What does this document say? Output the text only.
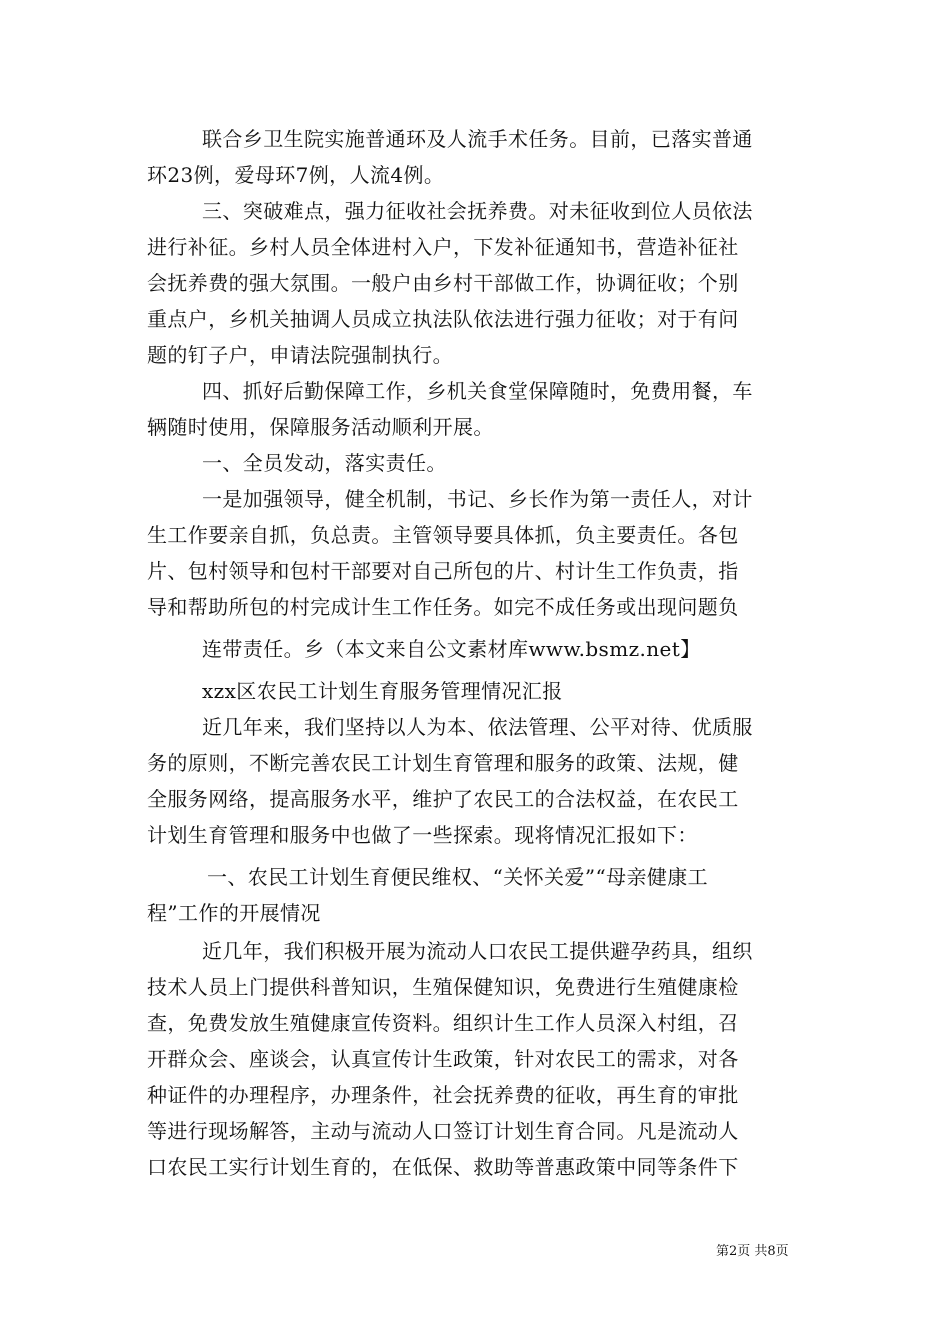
联合乡卫生院实施普通环及人流手术任务。目前，已落实普通
环23例，爱母环7例，人流4例。
三、突破难点，强力征收社会抚养费。对未征收到位人员依法
进行补征。乡村人员全体进村入户，下发补征通知书，营造补征社
会抚养费的强大氛围。一般户由乡村干部做工作，协调征收；个别
重点户，乡机关抽调人员成立执法队依法进行强力征收；对于有问
题的钉子户，申请法院强制执行。
四、抓好后勤保障工作，乡机关食堂保障随时，免费用餐，车
辆随时使用，保障服务活动顺利开展。
一、全员发动，落实责任。
一是加强领导，健全机制，书记、乡长作为第一责任人，对计
生工作要亲自抓，负总责。主管领导要具体抓，负主要责任。各包
片、包村领导和包村干部要对自己所包的片、村计生工作负责，指
导和帮助所包的村完成计生工作任务。如完不成任务或出现问题负
连带责任。乡（本文来自公文素材库www.bsmz.net】
xzx区农民工计划生育服务管理情况汇报
近几年来，我们坚持以人为本、依法管理、公平对待、优质服
务的原则，不断完善农民工计划生育管理和服务的政策、法规，健
全服务网络，提高服务水平，维护了农民工的合法权益，在农民工
计划生育管理和服务中也做了一些探索。现将情况汇报如下：
一、农民工计划生育便民维权、“关怀关爱”“母亲健康工
程”工作的开展情况
近几年，我们积极开展为流动人口农民工提供避孕药具，组织
技术人员上门提供科普知识，生殖保健知识，免费进行生殖健康检
查，免费发放生殖健康宣传资料。组织计生工作人员深入村组，召
开群众会、座谈会，认真宣传计生政策，针对农民工的需求，对各
种证件的办理程序，办理条件，社会抚养费的征收，再生育的审批
等进行现场解答，主动与流动人口签订计划生育合同。凡是流动人
口农民工实行计划生育的，在低保、救助等普惠政策中同等条件下
第2页 共8页
